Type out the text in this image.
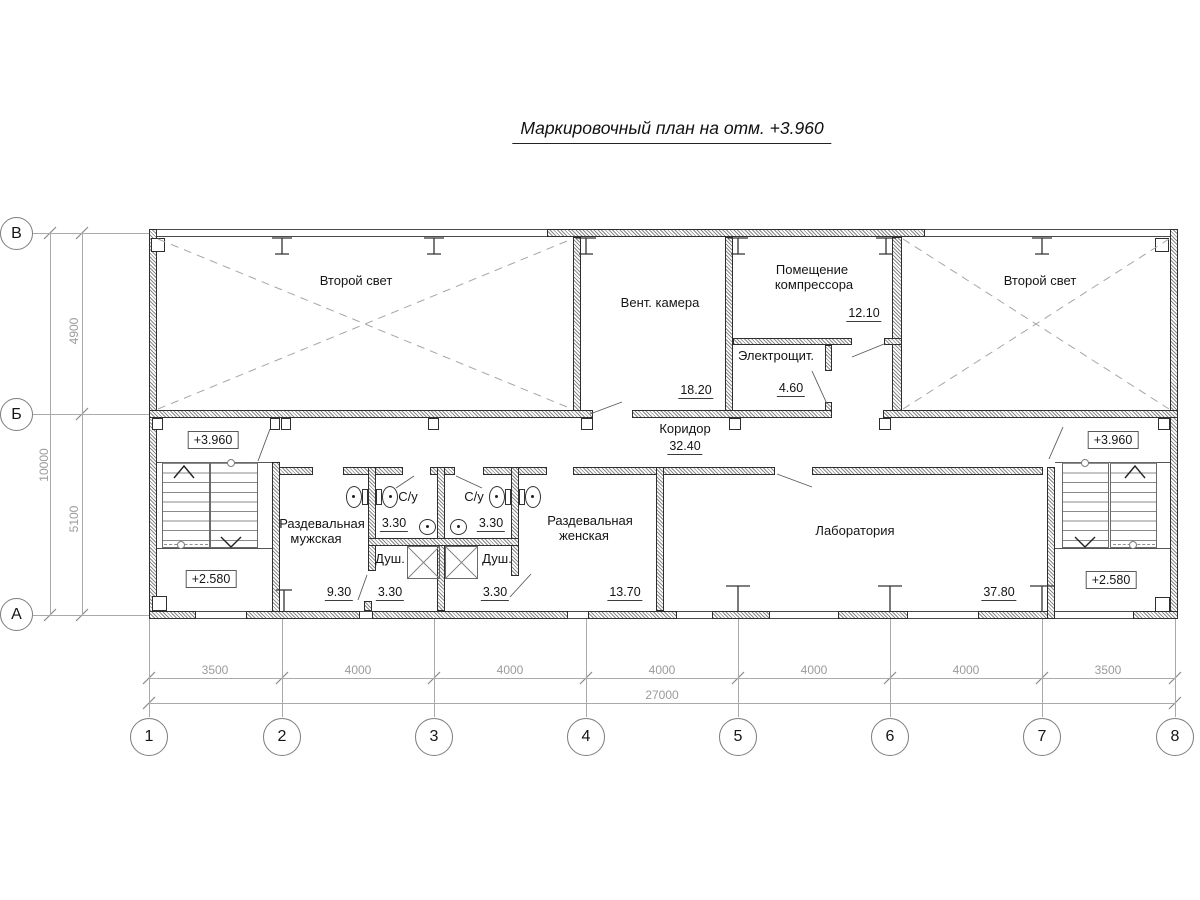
Маркировочный план на отм. +3.960
В
Б
А
1	2	3	4	5	6	7	8
4900
5100
10000
3500	4000	4000	4000	4000	4000	3500
27000
Второй свет	Второй свет
Вент. камера
18.20
Помещение
компрессора
12.10
Электрощит.
4.60
Коридор
32.40
Раздевальная
мужская
9.30
С/у
3.30
С/у
3.30
Душ.
3.30
Душ.
3.30
Раздевальная
женская
13.70
Лаборатория
37.80
+3.960	+3.960
+2.580	+2.580
